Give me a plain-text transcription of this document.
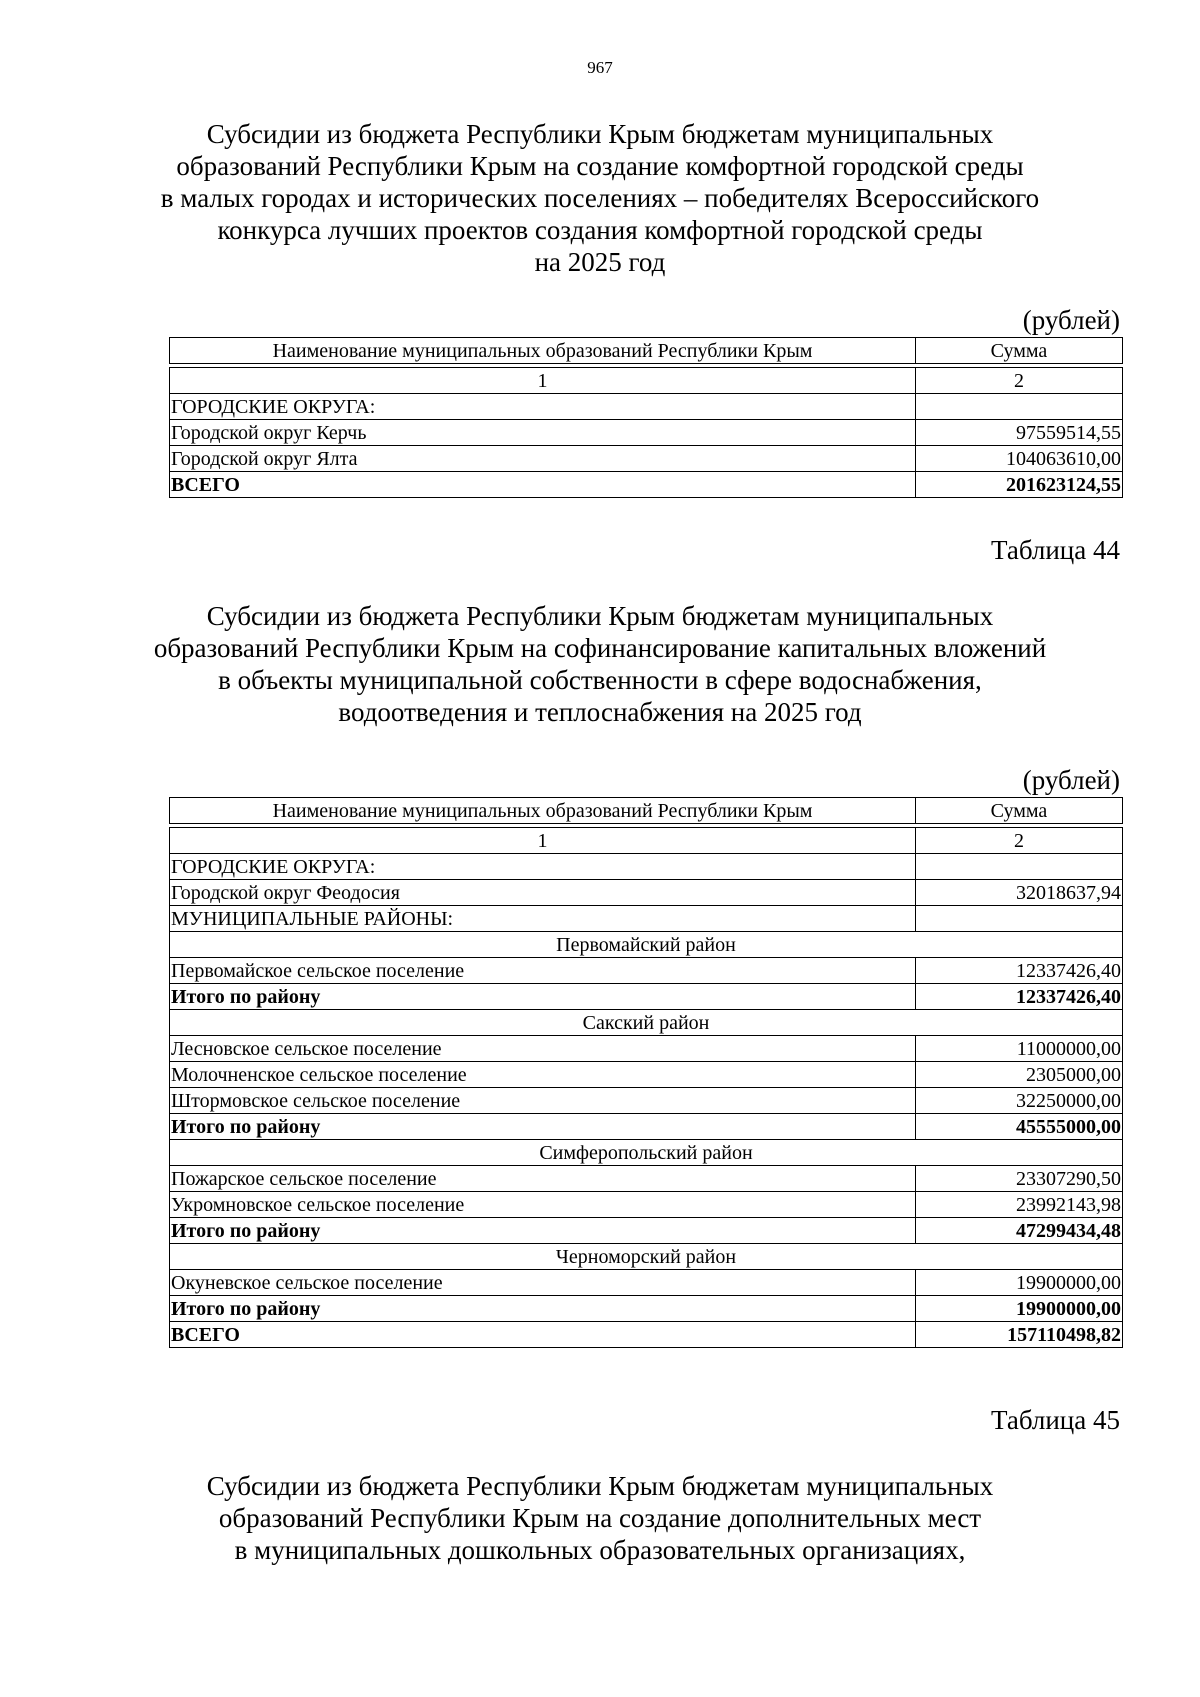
967
Субсидии из бюджета Республики Крым бюджетам муниципальных
образований Республики Крым на создание комфортной городской среды
в малых городах и исторических поселениях – победителях Всероссийского
конкурса лучших проектов создания комфортной городской среды
на 2025 год
(рублей)
Наименование муниципальных образований Республики Крым	Сумма

1	2
ГОРОДСКИЕ ОКРУГА:	
Городской округ Керчь	97559514,55
Городской округ Ялта	104063610,00
ВСЕГО	201623124,55
Таблица 44
Субсидии из бюджета Республики Крым бюджетам муниципальных
образований Республики Крым на софинансирование капитальных вложений
в объекты муниципальной собственности в сфере водоснабжения,
водоотведения и теплоснабжения на 2025 год
(рублей)
Наименование муниципальных образований Республики Крым	Сумма

1	2
ГОРОДСКИЕ ОКРУГА:	
Городской округ Феодосия	32018637,94
МУНИЦИПАЛЬНЫЕ РАЙОНЫ:	
Первомайский район	
Первомайское сельское поселение	12337426,40
Итого по району	12337426,40
Сакский район	
Лесновское сельское поселение	11000000,00
Молочненское сельское поселение	2305000,00
Штормовское сельское поселение	32250000,00
Итого по району	45555000,00
Симферопольский район	
Пожарское сельское поселение	23307290,50
Укромновское сельское поселение	23992143,98
Итого по району	47299434,48
Черноморский район	
Окуневское сельское поселение	19900000,00
Итого по району	19900000,00
ВСЕГО	157110498,82
Таблица 45
Субсидии из бюджета Республики Крым бюджетам муниципальных
образований Республики Крым на создание дополнительных мест
в муниципальных дошкольных образовательных организациях,
